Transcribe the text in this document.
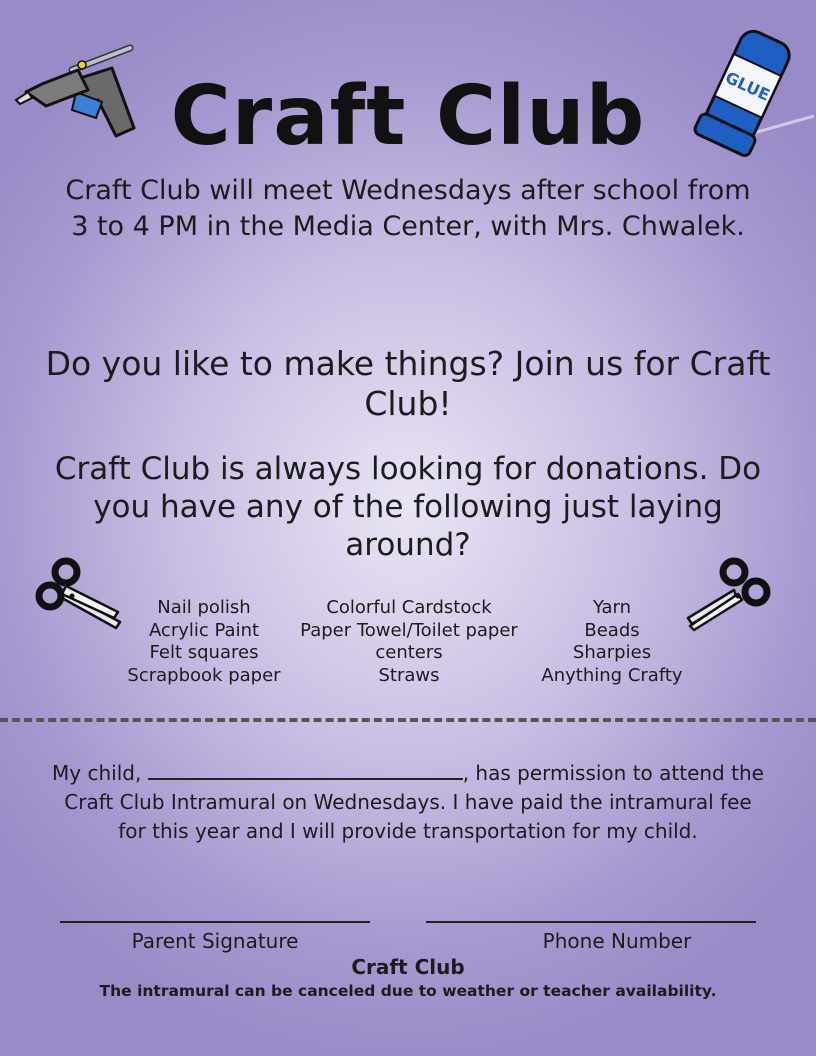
GLUE
Craft Club
Craft Club will meet Wednesdays after school from 3 to 4 PM in the Media Center, with Mrs. Chwalek.
Do you like to make things? Join us for Craft Club!
Craft Club is always looking for donations. Do you have any of the following just laying around?
Nail polish
Acrylic Paint
Felt squares
Scrapbook paper
Colorful Cardstock
Paper Towel/Toilet paper
centers
Straws
Yarn
Beads
Sharpies
Anything Crafty
My child,	, has permission to attend the Craft Club Intramural on Wednesdays. I have paid the intramural fee for this year and I will provide transportation for my child.
Parent Signature	Phone Number
Craft Club
The intramural can be canceled due to weather or teacher availability.
